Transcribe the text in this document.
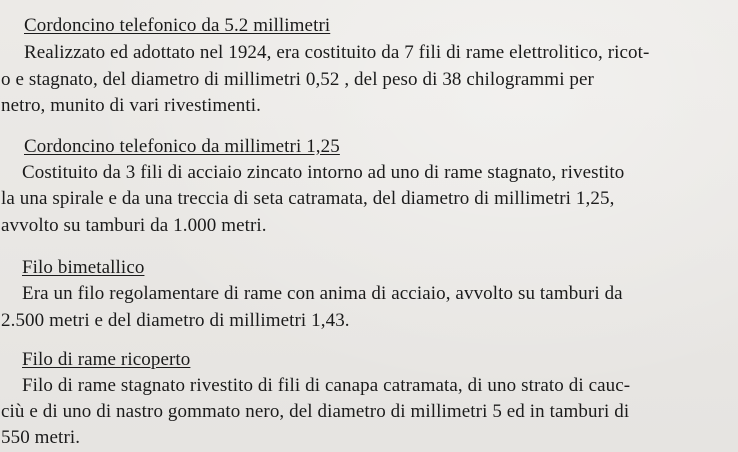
Cordoncino telefonico da 5.2 millimetri
Realizzato ed adottato nel 1924, era costituito da 7 fili di rame elettrolitico, ricot-
o e stagnato, del diametro di millimetri 0,52 , del peso di 38 chilogrammi per
netro, munito di vari rivestimenti.
Cordoncino telefonico da millimetri 1,25
Costituito da 3 fili di acciaio zincato intorno ad uno di rame stagnato, rivestito
la una spirale e da una treccia di seta catramata, del diametro di millimetri 1,25,
avvolto su tamburi da 1.000 metri.
Filo bimetallico
Era un filo regolamentare di rame con anima di acciaio, avvolto su tamburi da
2.500 metri e del diametro di millimetri 1,43.
Filo di rame ricoperto
Filo di rame stagnato rivestito di fili di canapa catramata, di uno strato di cauc-
ciù e di uno di nastro gommato nero, del diametro di millimetri 5 ed in tamburi di
550 metri.
